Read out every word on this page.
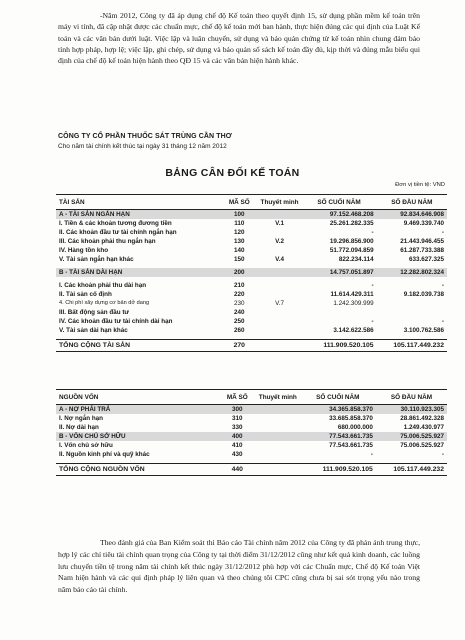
-Năm 2012, Công ty đã áp dụng chế độ Kế toán theo quyết định 15, sử dụng phần mềm kế toán trên máy vi tính, đã cập nhật được các chuẩn mực, chế độ kế toán mới ban hành, thực hiện đúng các qui định của Luật Kế toán và các văn bản dưới luật. Việc lập và luân chuyển, sử dụng và bảo quản chứng từ kế toán nhìn chung đảm bảo tính hợp pháp, hợp lệ; việc lập, ghi chép, sử dụng và bảo quản sổ sách kế toán đầy đủ, kịp thời và đúng mẫu biểu qui định của chế độ kế toán hiện hành theo QĐ 15 và các văn bản hiện hành khác.
CÔNG TY CỔ PHẦN THUỐC SÁT TRÙNG CẦN THƠ
Cho năm tài chính kết thúc tại ngày 31 tháng 12 năm 2012
BẢNG CÂN ĐỐI KẾ TOÁN
Đơn vị tiền tệ: VND
TÀI SẢN	MÃ SỐ	Thuyết minh	SỐ CUỐI NĂM	SỐ ĐẦU NĂM
A - TÀI SẢN NGẮN HẠN	100		97.152.468.208	92.834.646.908
I. Tiền & các khoản tương đương tiền	110	V.1	25.261.282.335	9.469.339.740
II. Các khoản đầu tư tài chính ngắn hạn	120		-	-
III. Các khoản phải thu ngắn hạn	130	V.2	19.296.856.900	21.443.946.455
IV. Hàng tồn kho	140		51.772.094.859	61.287.733.388
V. Tài sản ngắn hạn khác	150	V.4	822.234.114	633.627.325

B - TÀI SẢN DÀI HẠN	200		14.757.051.897	12.282.802.324

I. Các khoản phải thu dài hạn	210		-	-
II. Tài sản cố định	220		11.614.429.311	9.182.039.738
4. Chi phí xây dựng cơ bản dở dang	230	V.7	1.242.309.999	
III. Bất động sản đầu tư	240			
IV. Các khoản đầu tư tài chính dài hạn	250		-	-
V. Tài sản dài hạn khác	260		3.142.622.586	3.100.762.586

TỔNG CỘNG TÀI SẢN	270		111.909.520.105	105.117.449.232
NGUỒN VỐN	MÃ SỐ	Thuyết minh	SỐ CUỐI NĂM	SỐ ĐẦU NĂM
A - NỢ PHẢI TRẢ	300		34.365.858.370	30.110.923.305
I. Nợ ngắn hạn	310		33.685.858.370	28.861.492.328
II. Nợ dài hạn	330		680.000.000	1.249.430.977
B - VỐN CHỦ SỞ HỮU	400		77.543.661.735	75.006.525.927
I. Vốn chủ sở hữu	410		77.543.661.735	75.006.525.927
II. Nguồn kinh phí và quỹ khác	430		-	-

TỔNG CỘNG NGUỒN VỐN	440		111.909.520.105	105.117.449.232
Theo đánh giá của Ban Kiểm soát thì Báo cáo Tài chính năm 2012 của Công ty đã phản ánh trung thực, hợp lý các chỉ tiêu tài chính quan trọng của Công ty tại thời điểm 31/12/2012 cũng như kết quả kinh doanh, các luồng lưu chuyển tiền tệ trong năm tài chính kết thúc ngày 31/12/2012 phù hợp với các Chuẩn mực, Chế độ Kế toán Việt Nam hiện hành và các qui định pháp lý liên quan và theo chúng tôi CPC cũng chưa bị sai sót trọng yếu nào trong năm báo cáo tài chính.
